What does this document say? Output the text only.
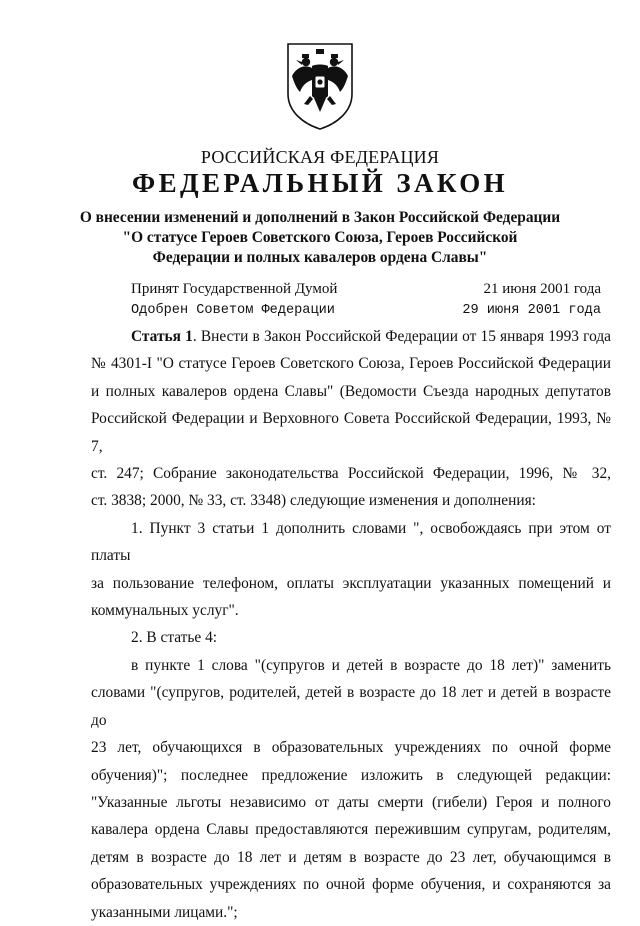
РОССИЙСКАЯ ФЕДЕРАЦИЯ
ФЕДЕРАЛЬНЫЙ ЗАКОН
О внесении изменений и дополнений в Закон Российской Федерации
"О статусе Героев Советского Союза, Героев Российской
Федерации и полных кавалеров ордена Славы"
Принят Государственной Думой	21 июня 2001 года
Одобрен Советом Федерации	29 июня 2001 года

Статья 1. Внести в Закон Российской Федерации от 15 января 1993 года

№ 4301-I "О статусе Героев Советского Союза, Героев Российской Федерации

и полных кавалеров ордена Славы" (Ведомости Съезда народных депутатов

Российской Федерации и Верховного Совета Российской Федерации, 1993, № 7,

ст. 247; Собрание законодательства Российской Федерации, 1996, № 32,

ст. 3838; 2000, № 33, ст. 3348) следующие изменения и дополнения:

1. Пункт 3 статьи 1 дополнить словами ", освобождаясь при этом от платы

за пользование телефоном, оплаты эксплуатации указанных помещений и

коммунальных услуг".

2. В статье 4:

в пункте 1 слова "(супругов и детей в возрасте до 18 лет)" заменить

словами "(супругов, родителей, детей в возрасте до 18 лет и детей в возрасте до

23 лет, обучающихся в образовательных учреждениях по очной форме

обучения)"; последнее предложение изложить в следующей редакции:

"Указанные льготы независимо от даты смерти (гибели) Героя и полного

кавалера ордена Славы предоставляются пережившим супругам, родителям,

детям в возрасте до 18 лет и детям в возрасте до 23 лет, обучающимся в

образовательных учреждениях по очной форме обучения, и сохраняются за

указанными лицами.";
